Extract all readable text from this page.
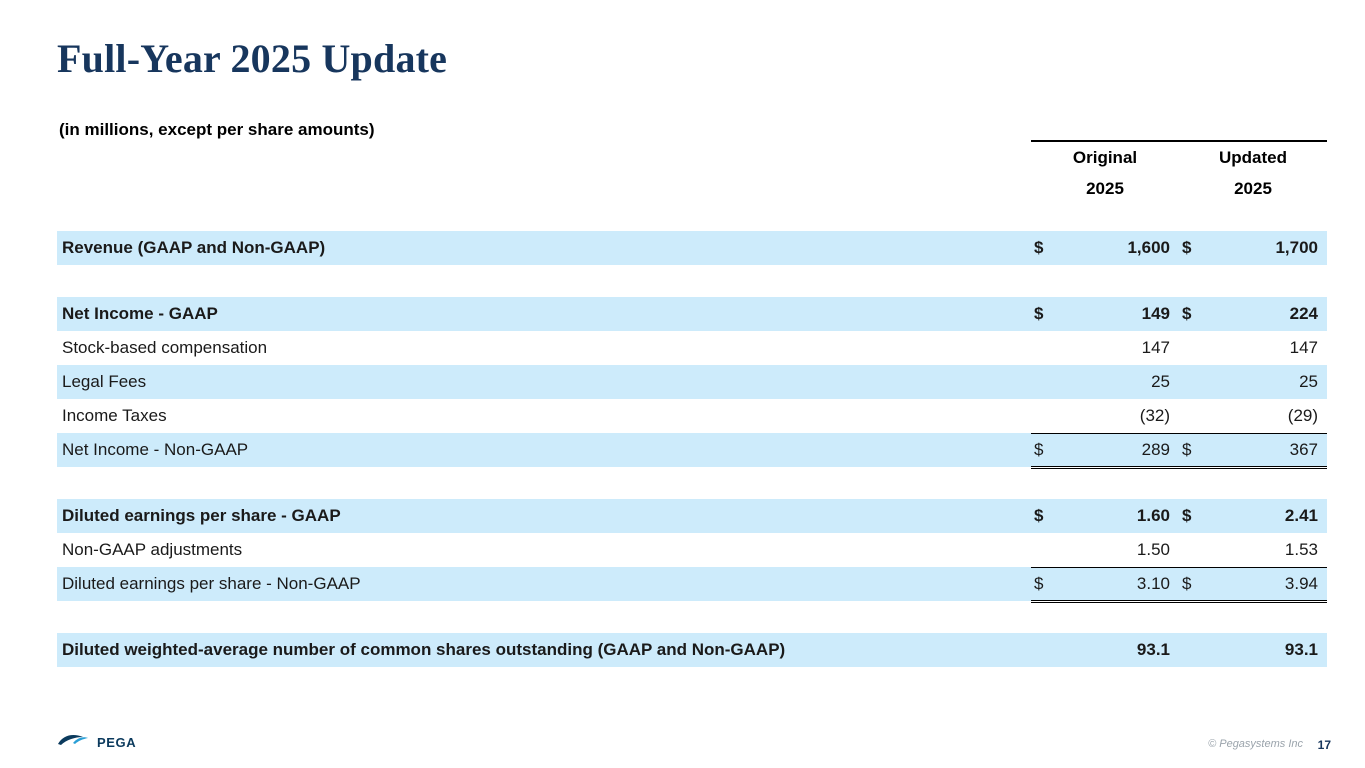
Full-Year 2025 Update
(in millions, except per share amounts)
	Original		Updated	
	2025		2025	

Revenue (GAAP and Non-GAAP)	$	1,600	$	1,700

Net Income - GAAP	$	149	$	224
Stock-based compensation		147		147
Legal Fees		25		25
Income Taxes		(32)		(29)
Net Income - Non-GAAP	$	289	$	367

Diluted earnings per share - GAAP	$	1.60	$	2.41
Non-GAAP adjustments		1.50		1.53
Diluted earnings per share - Non-GAAP	$	3.10	$	3.94

Diluted weighted-average number of common shares outstanding (GAAP and Non-GAAP)		93.1		93.1
PEGA	© Pegasystems Inc 17
